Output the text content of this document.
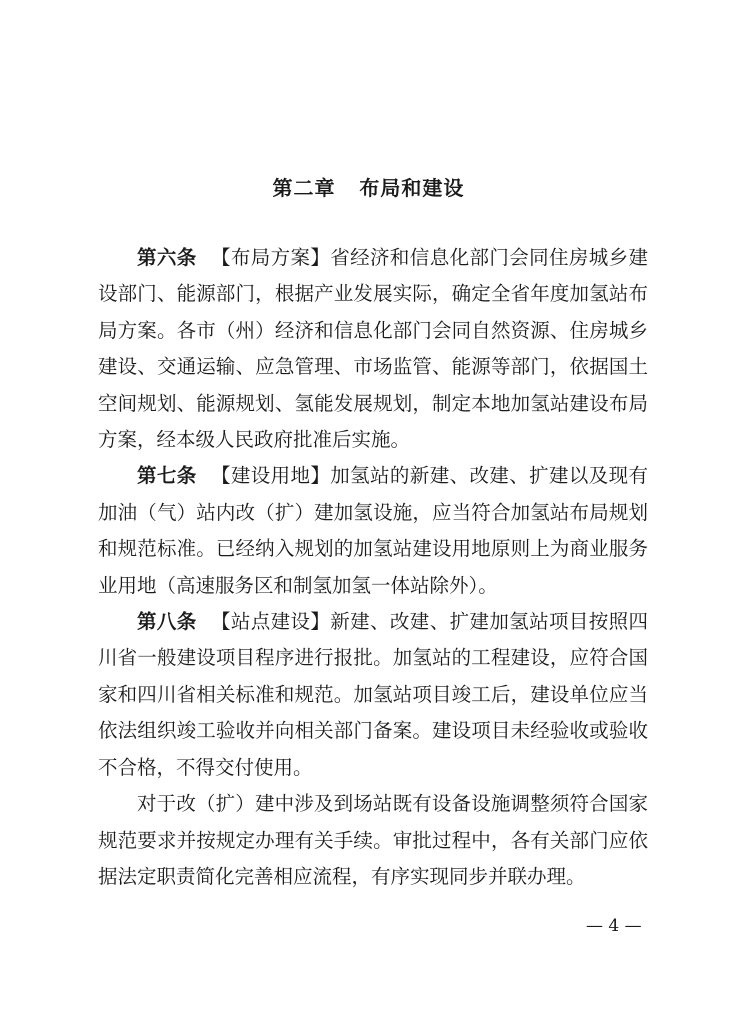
第二章   布局和建设

第六条 【布局方案】省经济和信息化部门会同住房城乡建设部门、能源部门，根据产业发展实际，确定全省年度加氢站布局方案。各市（州）经济和信息化部门会同自然资源、住房城乡建设、交通运输、应急管理、市场监管、能源等部门，依据国土空间规划、能源规划、氢能发展规划，制定本地加氢站建设布局方案，经本级人民政府批准后实施。

第七条 【建设用地】加氢站的新建、改建、扩建以及现有加油（气）站内改（扩）建加氢设施，应当符合加氢站布局规划和规范标准。已经纳入规划的加氢站建设用地原则上为商业服务业用地（高速服务区和制氢加氢一体站除外）。

第八条 【站点建设】新建、改建、扩建加氢站项目按照四川省一般建设项目程序进行报批。加氢站的工程建设，应符合国家和四川省相关标准和规范。加氢站项目竣工后，建设单位应当依法组织竣工验收并向相关部门备案。建设项目未经验收或验收不合格，不得交付使用。

对于改（扩）建中涉及到场站既有设备设施调整须符合国家规范要求并按规定办理有关手续。审批过程中，各有关部门应依据法定职责简化完善相应流程，有序实现同步并联办理。

— 4 —
